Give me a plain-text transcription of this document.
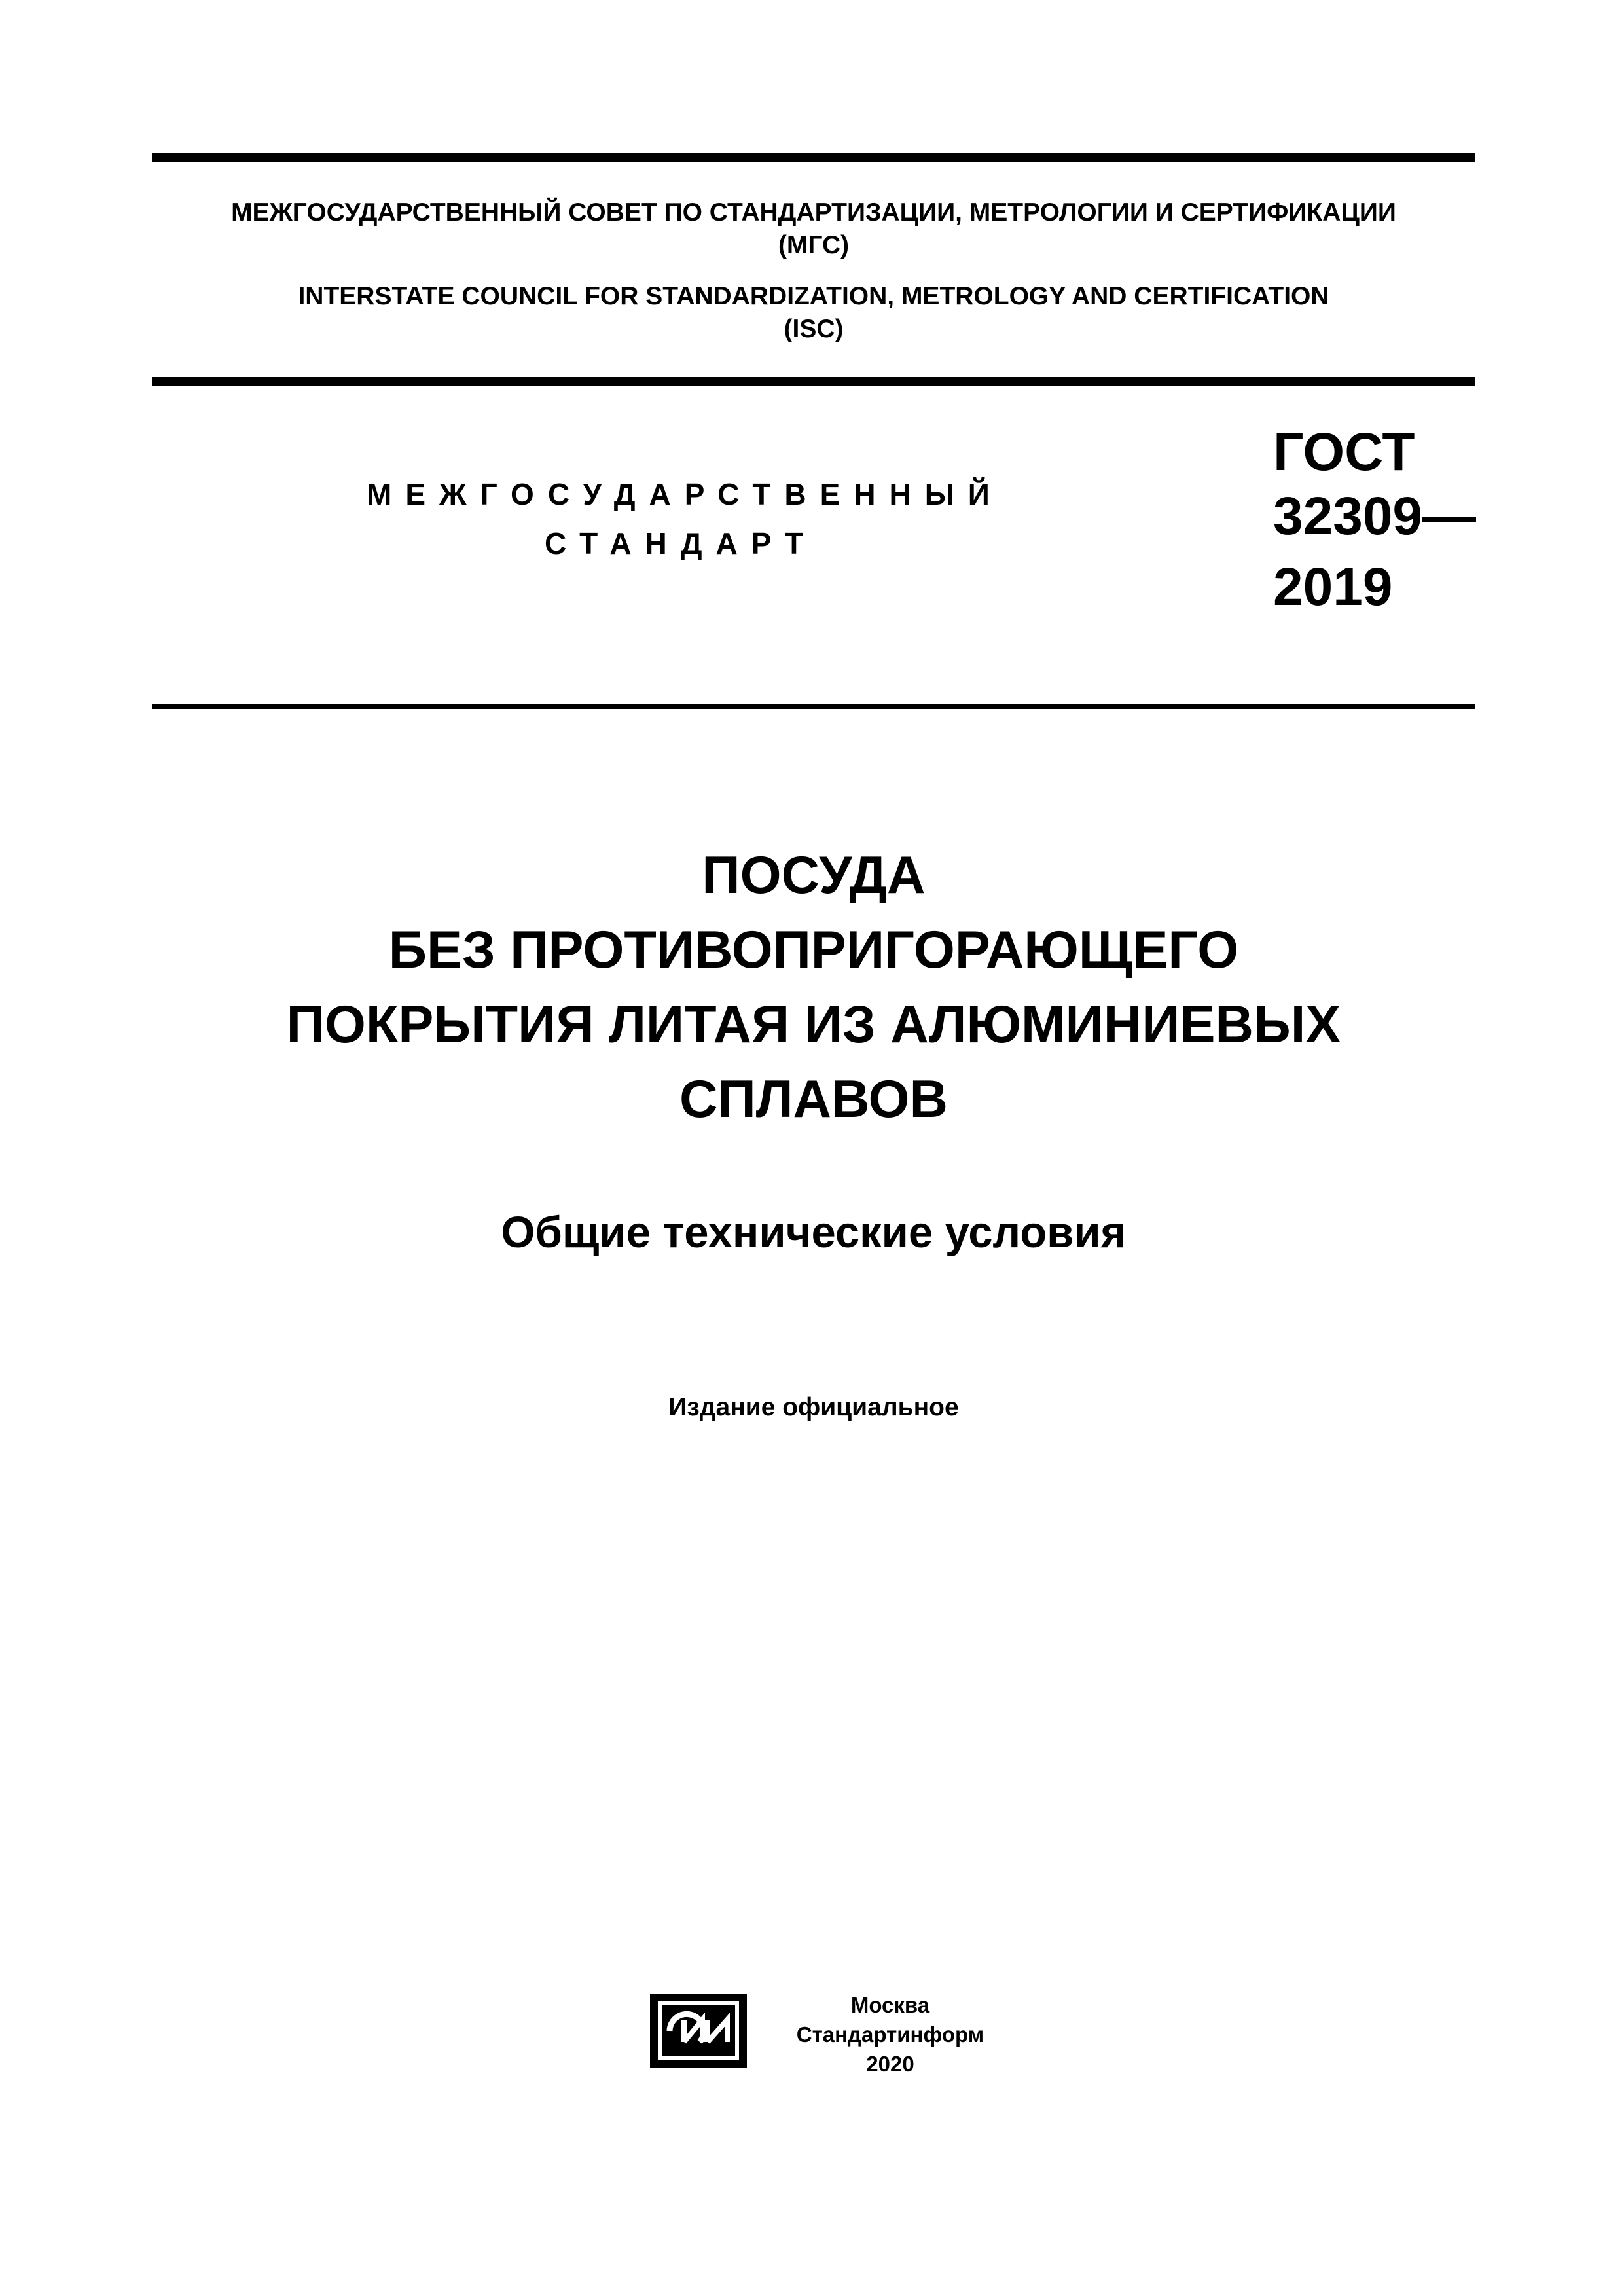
МЕЖГОСУДАРСТВЕННЫЙ СОВЕТ ПО СТАНДАРТИЗАЦИИ, МЕТРОЛОГИИ И СЕРТИФИКАЦИИ
(МГС)
INTERSTATE COUNCIL FOR STANDARDIZATION, METROLOGY AND CERTIFICATION
(ISC)
МЕЖГОСУДАРСТВЕННЫЙ
СТАНДАРТ
ГОСТ
32309—
2019
ПОСУДА
БЕЗ ПРОТИВОПРИГОРАЮЩЕГО
ПОКРЫТИЯ ЛИТАЯ ИЗ АЛЮМИНИЕВЫХ
СПЛАВОВ
Общие технические условия
Издание официальное
Москва
Стандартинформ
2020
